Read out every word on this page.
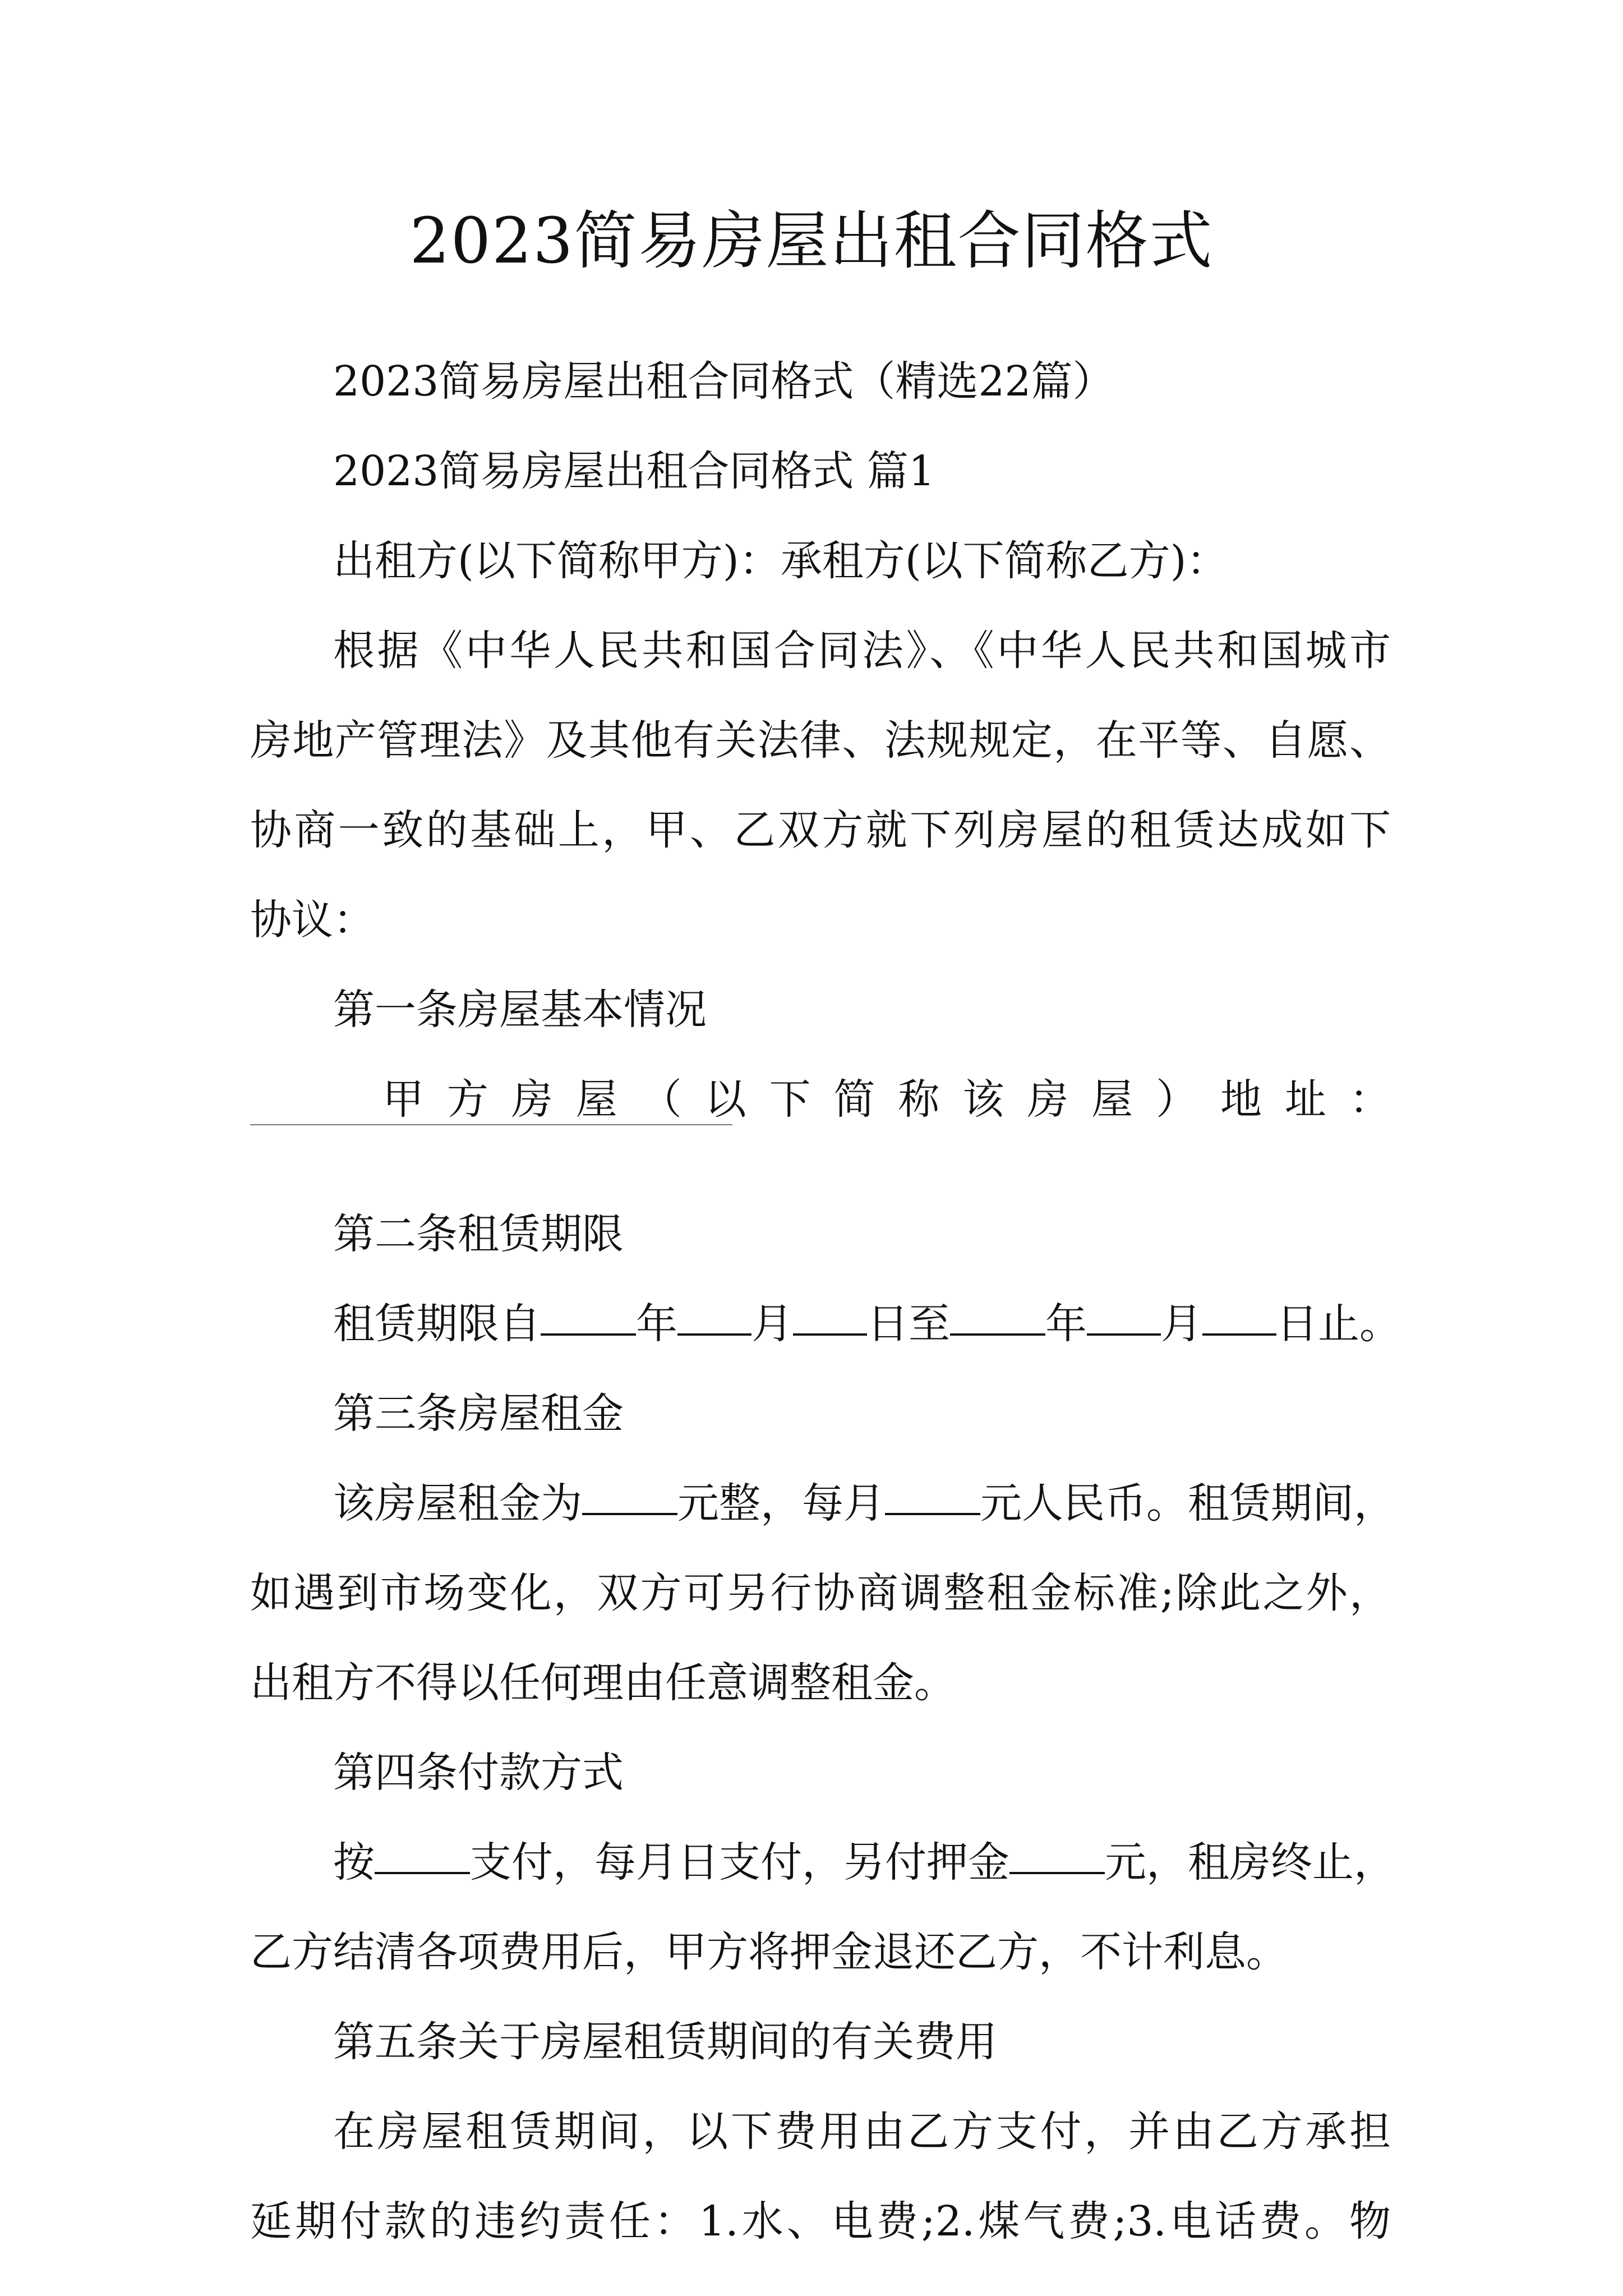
2023简易房屋出租合同格式
2023简易房屋出租合同格式（精选22篇）
2023简易房屋出租合同格式 篇1
出租方(以下简称甲方)：承租方(以下简称乙方)：
根据《中华人民共和国合同法》、《中华人民共和国城市
房地产管理法》及其他有关法律、法规规定，在平等、自愿、
协商一致的基础上，甲、乙双方就下列房屋的租赁达成如下
协议：
第一条房屋基本情况
甲 方 房 屋 （ 以 下 简 称 该 房 屋 ） 地 址 ：
第二条租赁期限
租赁期限自 年 月 日至 年 月 日止。
第三条房屋租金
该房屋租金为 元整，每月 元人民币。租赁期间，
如遇到市场变化，双方可另行协商调整租金标准;除此之外，
出租方不得以任何理由任意调整租金。
第四条付款方式
按 支付，每月日支付，另付押金 元，租房终止，
乙方结清各项费用后，甲方将押金退还乙方，不计利息。
第五条关于房屋租赁期间的有关费用
在房屋租赁期间，以下费用由乙方支付，并由乙方承担
延期付款的违约责任：1.水、电费;2.煤气费;3.电话费。物
